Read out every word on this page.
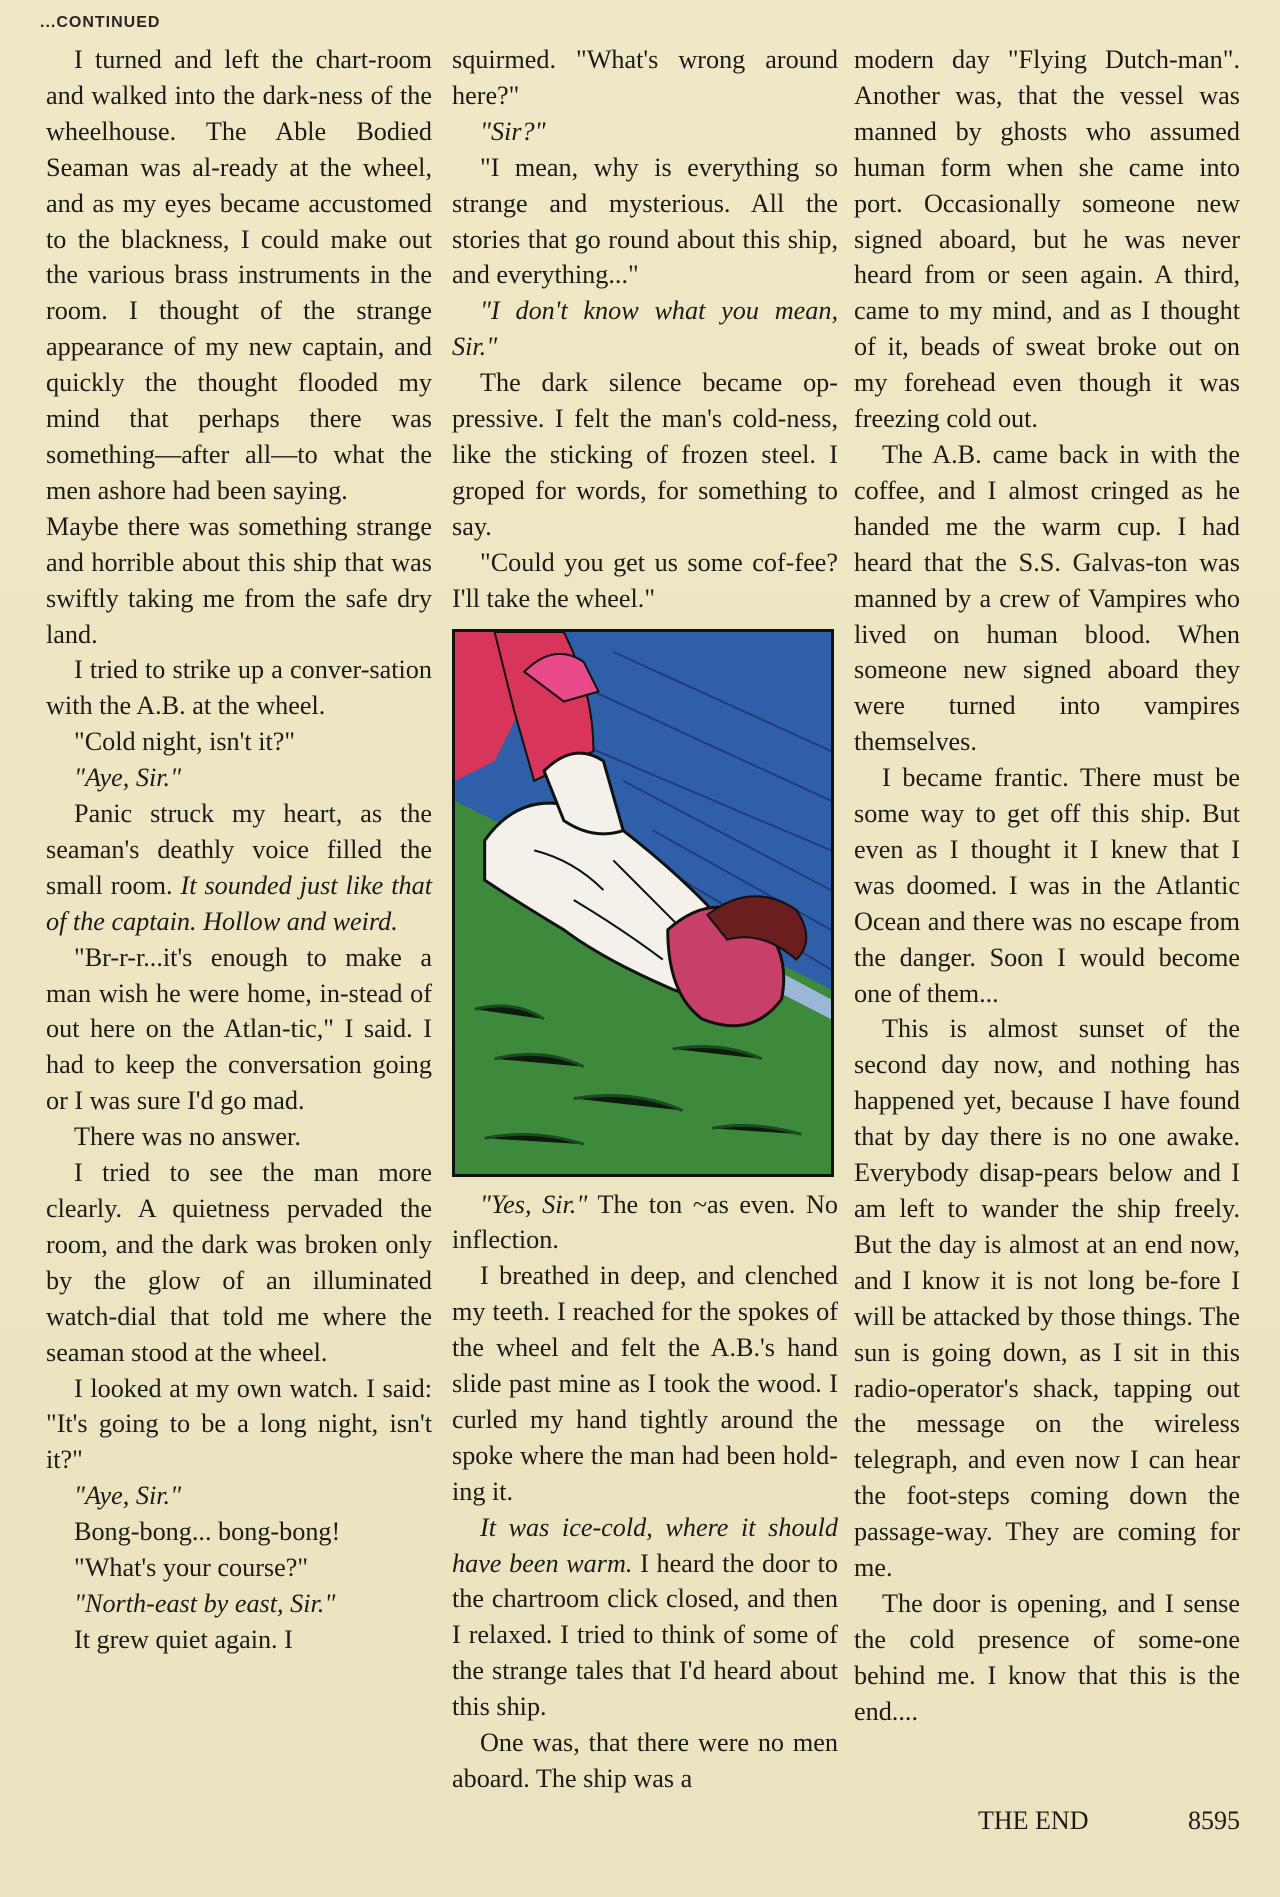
...CONTINUED

I turned and left the chart-room and walked into the dark-ness of the wheelhouse. The Able Bodied Seaman was al-ready at the wheel, and as my eyes became accustomed to the blackness, I could make out the various brass instruments in the room. I thought of the strange appearance of my new captain, and quickly the thought flooded my mind that perhaps there was something—after all—to what the men ashore had been saying.

Maybe there was something strange and horrible about this ship that was swiftly taking me from the safe dry land.

I tried to strike up a conver-sation with the A.B. at the wheel.

"Cold night, isn't it?"

"Aye, Sir."

Panic struck my heart, as the seaman's deathly voice filled the small room. It sounded just like that of the captain. Hollow and weird.

"Br-r-r...it's enough to make a man wish he were home, in-stead of out here on the Atlan-tic," I said. I had to keep the conversation going or I was sure I'd go mad.

There was no answer.

I tried to see the man more clearly. A quietness pervaded the room, and the dark was broken only by the glow of an illuminated watch-dial that told me where the seaman stood at the wheel.

I looked at my own watch. I said: "It's going to be a long night, isn't it?"

"Aye, Sir."

Bong-bong... bong-bong!

"What's your course?"

"North-east by east, Sir."

It grew quiet again. I

squirmed. "What's wrong around here?"

"Sir?"

"I mean, why is everything so strange and mysterious. All the stories that go round about this ship, and everything..."

"I don't know what you mean, Sir."

The dark silence became op-pressive. I felt the man's cold-ness, like the sticking of frozen steel. I groped for words, for something to say.

"Could you get us some cof-fee? I'll take the wheel."

"Yes, Sir." The ton ~as even. No inflection.

I breathed in deep, and clenched my teeth. I reached for the spokes of the wheel and felt the A.B.'s hand slide past mine as I took the wood. I curled my hand tightly around the spoke where the man had been hold-ing it.

It was ice-cold, where it should have been warm. I heard the door to the chartroom click closed, and then I relaxed. I tried to think of some of the strange tales that I'd heard about this ship.

One was, that there were no men aboard. The ship was a

modern day "Flying Dutch-man". Another was, that the vessel was manned by ghosts who assumed human form when she came into port. Occasionally someone new signed aboard, but he was never heard from or seen again. A third, came to my mind, and as I thought of it, beads of sweat broke out on my forehead even though it was freezing cold out.

The A.B. came back in with the coffee, and I almost cringed as he handed me the warm cup. I had heard that the S.S. Galvas-ton was manned by a crew of Vampires who lived on human blood. When someone new signed aboard they were turned into vampires themselves.

I became frantic. There must be some way to get off this ship. But even as I thought it I knew that I was doomed. I was in the Atlantic Ocean and there was no escape from the danger. Soon I would become one of them...

This is almost sunset of the second day now, and nothing has happened yet, because I have found that by day there is no one awake. Everybody disap-pears below and I am left to wander the ship freely. But the day is almost at an end now, and I know it is not long be-fore I will be attacked by those things. The sun is going down, as I sit in this radio-operator's shack, tapping out the message on the wireless telegraph, and even now I can hear the foot-steps coming down the passage-way. They are coming for me.

The door is opening, and I sense the cold presence of some-one behind me. I know that this is the end....

THE END	8595
